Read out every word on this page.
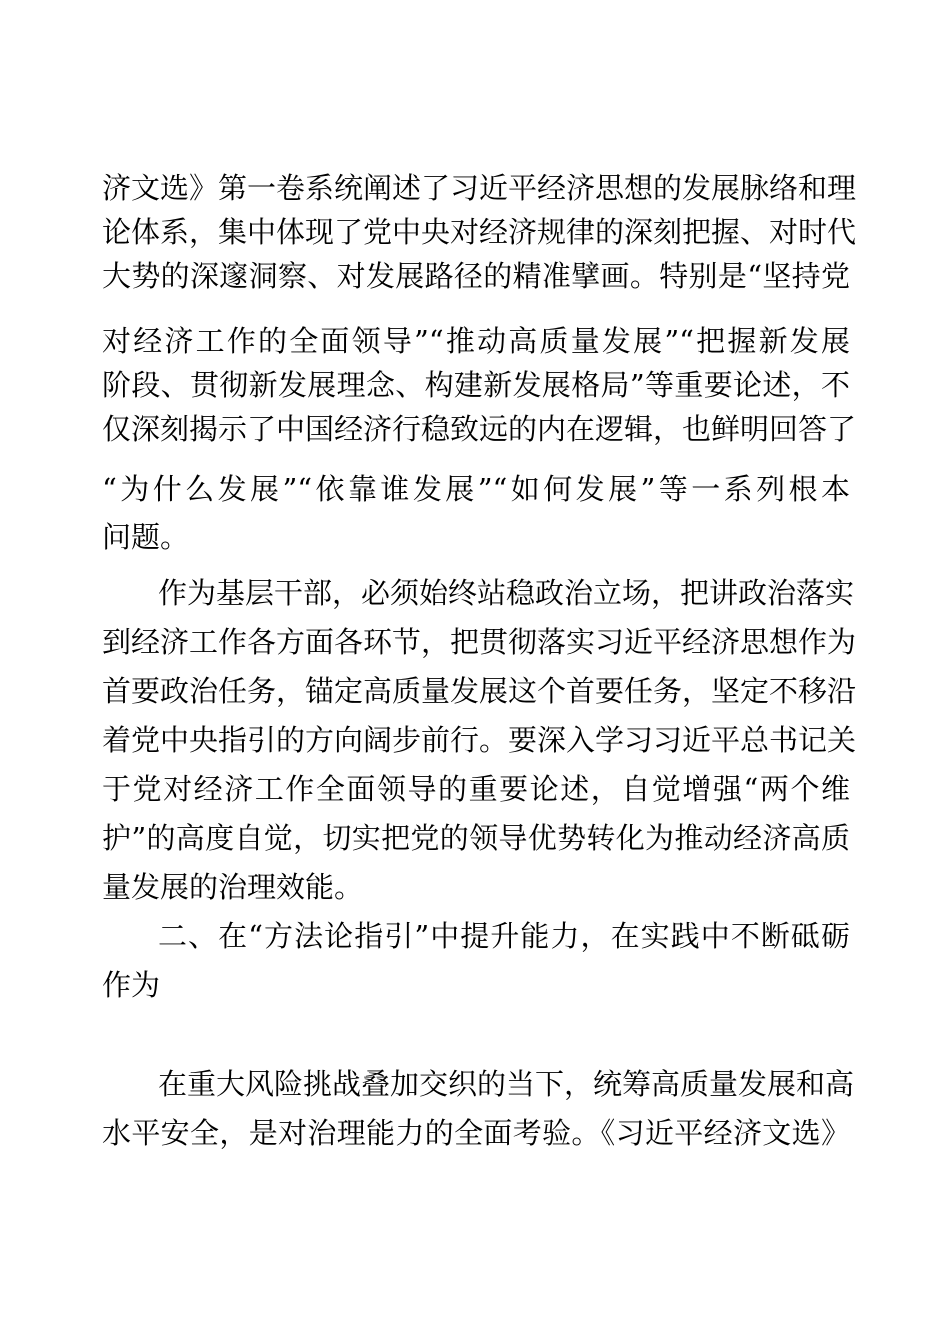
济文选》第一卷系统阐述了习近平经济思想的发展脉络和理

论体系，集中体现了党中央对经济规律的深刻把握、对时代

大势的深邃洞察、对发展路径的精准擘画。特别是“坚持党

对经济工作的全面领导”“推动高质量发展”“把握新发展

阶段、贯彻新发展理念、构建新发展格局”等重要论述，不

仅深刻揭示了中国经济行稳致远的内在逻辑，也鲜明回答了

“为什么发展”“依靠谁发展”“如何发展”等一系列根本

问题。

作为基层干部，必须始终站稳政治立场，把讲政治落实

到经济工作各方面各环节，把贯彻落实习近平经济思想作为

首要政治任务，锚定高质量发展这个首要任务，坚定不移沿

着党中央指引的方向阔步前行。要深入学习习近平总书记关

于党对经济工作全面领导的重要论述，自觉增强“两个维

护”的高度自觉，切实把党的领导优势转化为推动经济高质

量发展的治理效能。

二、在“方法论指引”中提升能力，在实践中不断砥砺

作为

在重大风险挑战叠加交织的当下，统筹高质量发展和高

水平安全，是对治理能力的全面考验。《习近平经济文选》
